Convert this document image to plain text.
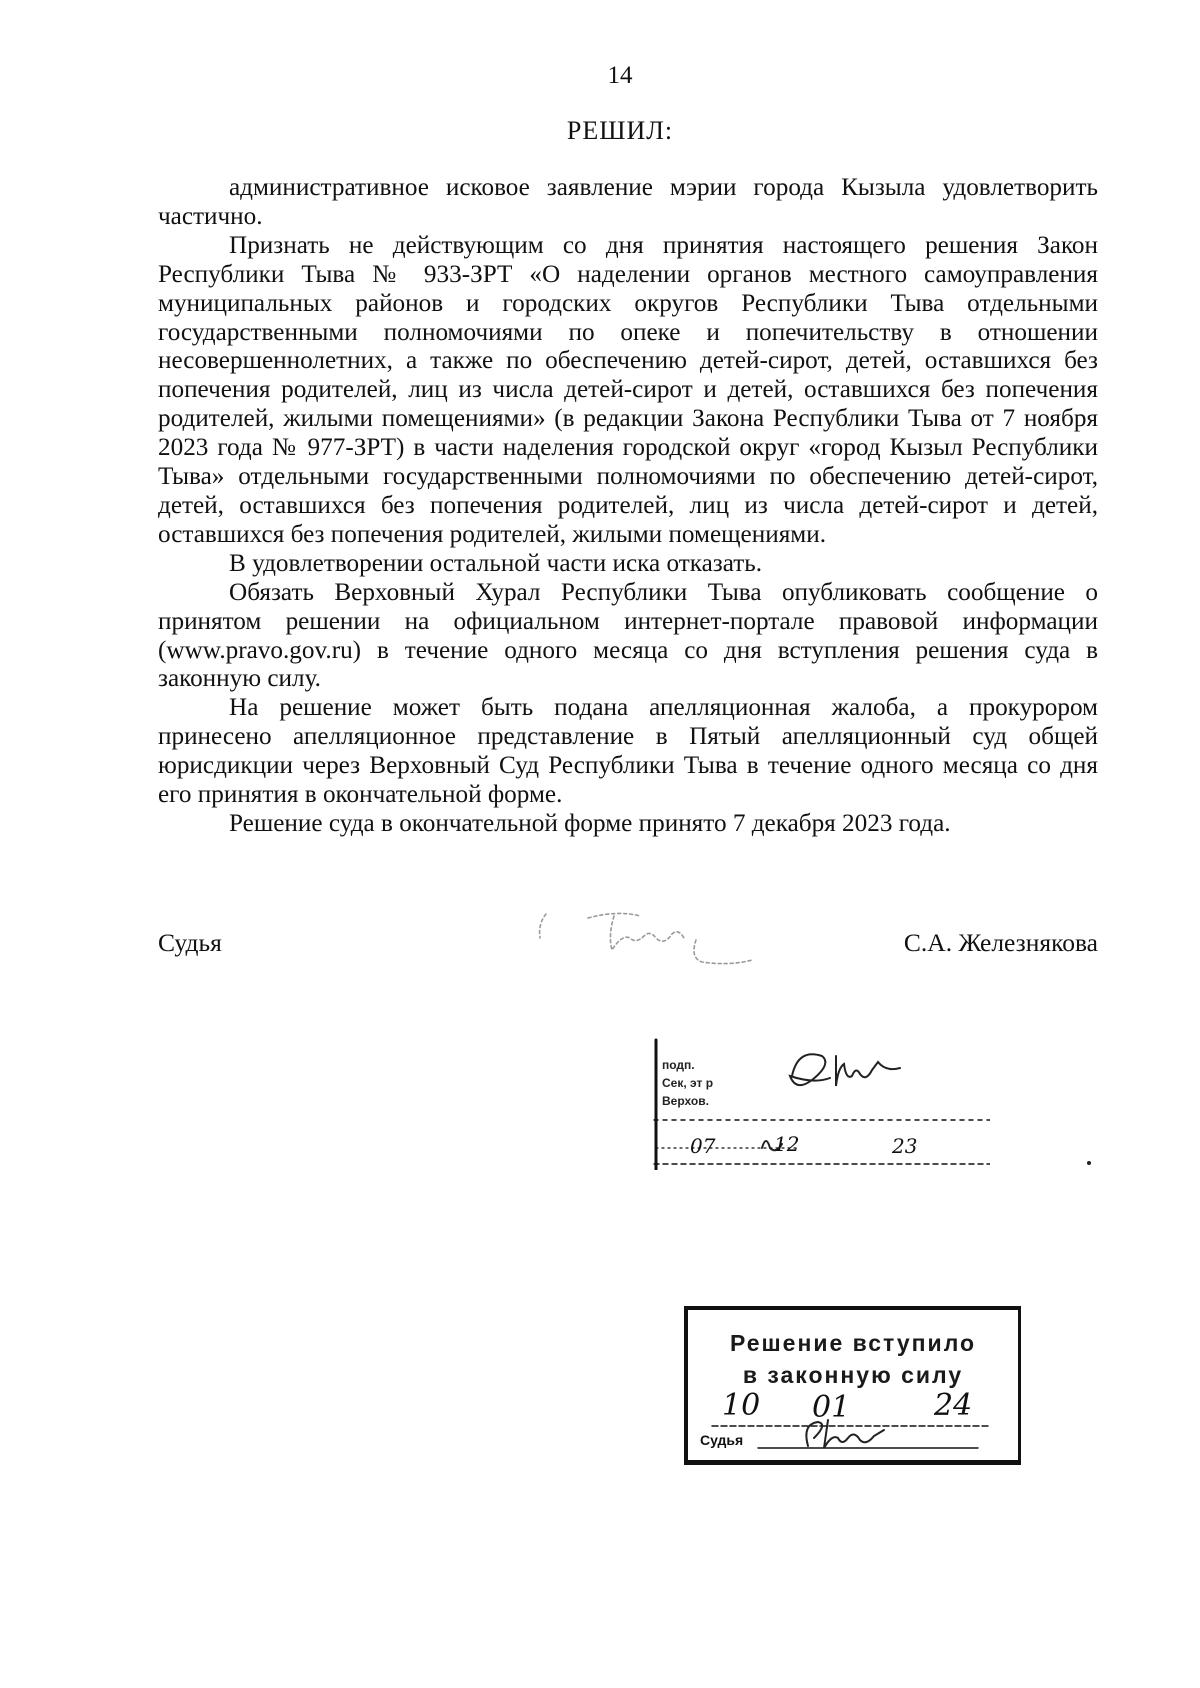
14
РЕШИЛ:

административное исковое заявление мэрии города Кызыла удовлетворить частично.

Признать не действующим со дня принятия настоящего решения Закон Республики Тыва № 933-ЗРТ «О наделении органов местного самоуправления муниципальных районов и городских округов Республики Тыва отдельными государственными полномочиями по опеке и попечительству в отношении несовершеннолетних, а также по обеспечению детей-сирот, детей, оставшихся без попечения родителей, лиц из числа детей-сирот и детей, оставшихся без попечения родителей, жилыми помещениями» (в редакции Закона Республики Тыва от 7 ноября 2023 года № 977-ЗРТ) в части наделения городской округ «город Кызыл Республики Тыва» отдельными государственными полномочиями по обеспечению детей-сирот, детей, оставшихся без попечения родителей, лиц из числа детей-сирот и детей, оставшихся без попечения родителей, жилыми помещениями.

В удовлетворении остальной части иска отказать.

Обязать Верховный Хурал Республики Тыва опубликовать сообщение о принятом решении на официальном интернет-портале правовой информации (www.pravo.gov.ru) в течение одного месяца со дня вступления решения суда в законную силу.

На решение может быть подана апелляционная жалоба, а прокурором принесено апелляционное представление в Пятый апелляционный суд общей юрисдикции через Верховный Суд Республики Тыва в течение одного месяца со дня его принятия в окончательной форме.

Решение суда в окончательной форме принято 7 декабря 2023 года.

Судья	С.А. Железнякова
подп.
Сек, эт р
Верхов.
07	12	23
Решение вступило
в законную силу
10 01	24
Судья
